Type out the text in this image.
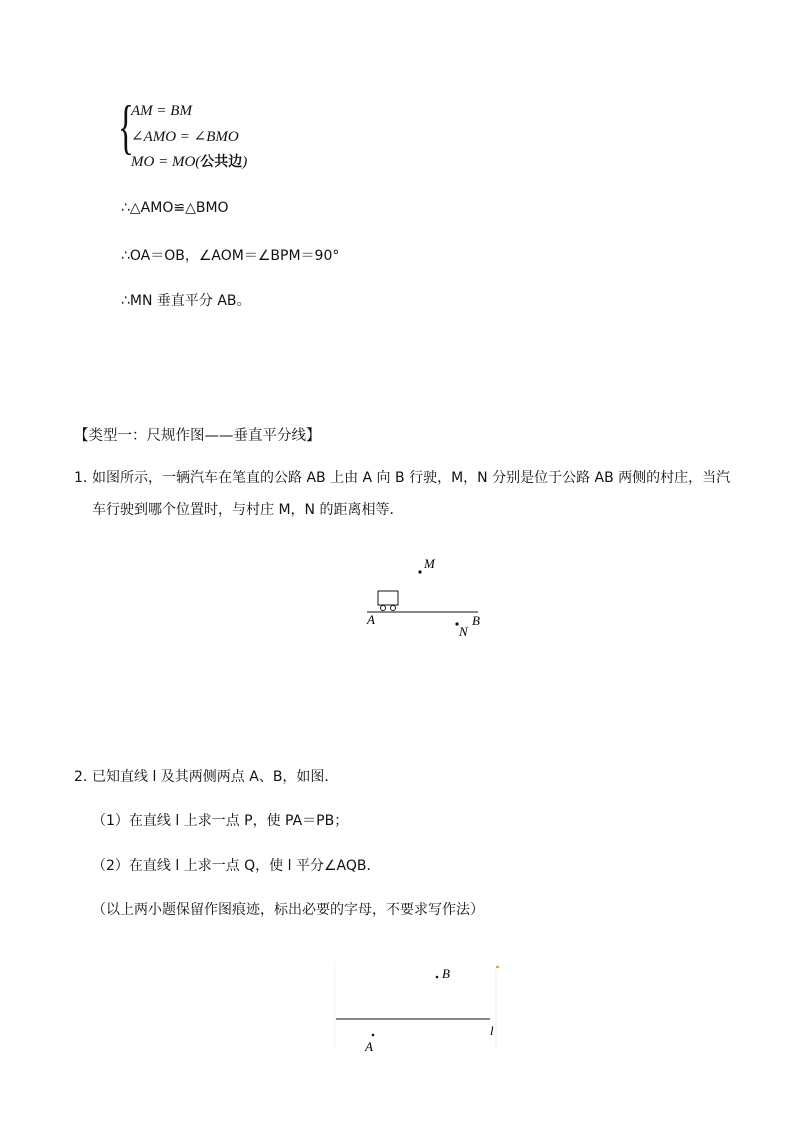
{
AM = BM
∠AMO = ∠BMO
MO = MO(公共边)
∴△AMO≌△BMO
∴OA＝OB，∠AOM＝∠BPM＝90°
∴MN 垂直平分 AB。
【类型一：尺规作图——垂直平分线】
1．
如图所示，一辆汽车在笔直的公路 AB 上由 A 向 B 行驶，M，N 分别是位于公路 AB 两侧的村庄，当汽
车行驶到哪个位置时，与村庄 M，N 的距离相等．
M
A
N
B
2．
已知直线 l 及其两侧两点 A、B，如图．
（1）在直线 l 上求一点 P，使 PA＝PB；
（2）在直线 l 上求一点 Q，使 l 平分∠AQB．
（以上两小题保留作图痕迹，标出必要的字母，不要求写作法）
B
l
A
